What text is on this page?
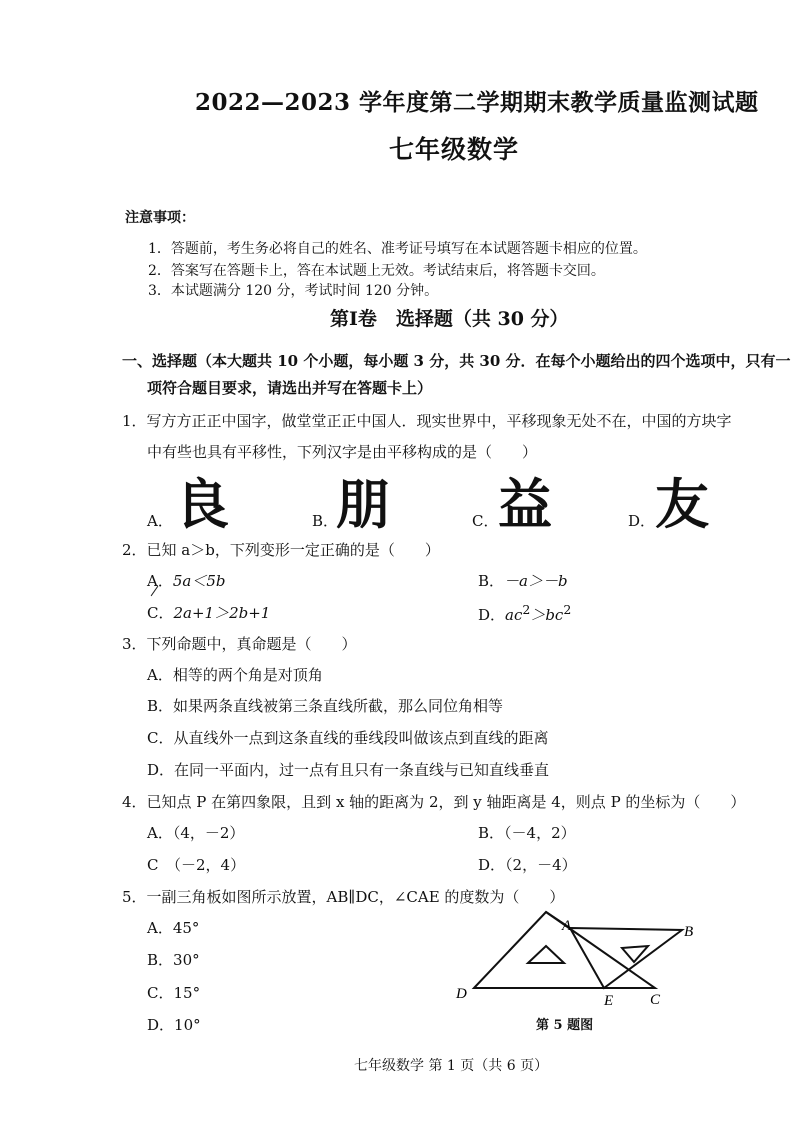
2022—2023 学年度第二学期期末教学质量监测试题
七年级数学
注意事项：
1．答题前，考生务必将自己的姓名、准考证号填写在本试题答题卡相应的位置。
2．答案写在答题卡上，答在本试题上无效。考试结束后，将答题卡交回。
3．本试题满分 120 分，考试时间 120 分钟。
第Ⅰ卷　选择题（共 30 分）
一、选择题（本大题共 10 个小题，每小题 3 分，共 30 分．在每个小题给出的四个选项中，只有一
项符合题目要求，请选出并写在答题卡上）
1．写方方正正中国字，做堂堂正正中国人．现实世界中，平移现象无处不在，中国的方块字
中有些也具有平移性，下列汉字是由平移构成的是（　　）
A． 良	B．
朋	C． 益	D． 友
2．已知 a＞b，下列变形一定正确的是（　　）
A．5a＜5b	B．－a＞－b
C．2a+1＞2b+1	D．$ac^2>bc^2$
3．下列命题中，真命题是（　　）
A．相等的两个角是对顶角
B．如果两条直线被第三条直线所截，那么同位角相等
C．从直线外一点到这条直线的垂线段叫做该点到直线的距离
D．在同一平面内，过一点有且只有一条直线与已知直线垂直
4．已知点 P 在第四象限，且到 x 轴的距离为 2，到 y 轴距离是 4，则点 P 的坐标为（　　）
A．（4，－2）	B．（－4，2）
C　（－2，4）	D．（2，－4）
5．一副三角板如图所示放置，AB∥DC，∠CAE 的度数为（　　）
A．45°
B．30°
C．15°
D．10°
A	B
C
D	E
第 5 题图
七年级数学 第 1 页（共 6 页）
